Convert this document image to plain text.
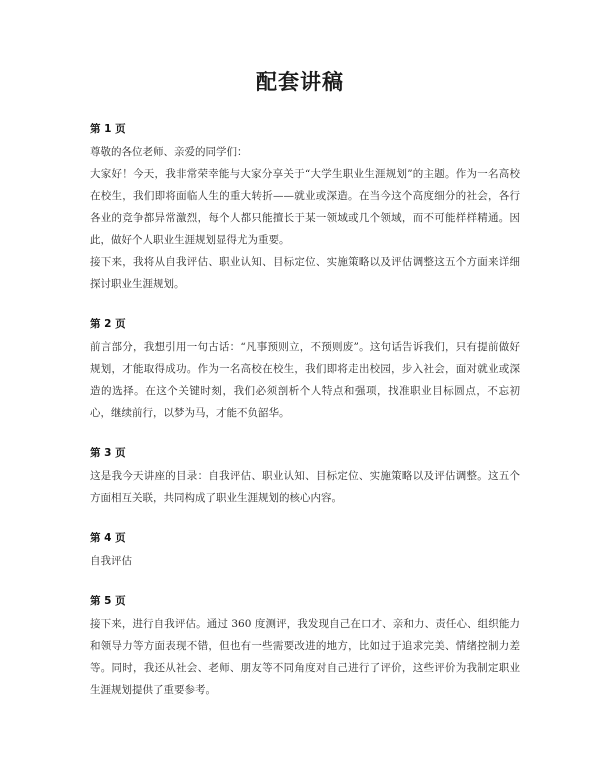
配套讲稿
第 1 页

尊敬的各位老师、亲爱的同学们：

大家好！今天，我非常荣幸能与大家分享关于“大学生职业生涯规划”的主题。作为一名高校在校生，我们即将面临人生的重大转折——就业或深造。在当今这个高度细分的社会，各行各业的竞争都异常激烈，每个人都只能擅长于某一领域或几个领域，而不可能样样精通。因此，做好个人职业生涯规划显得尤为重要。

接下来，我将从自我评估、职业认知、目标定位、实施策略以及评估调整这五个方面来详细探讨职业生涯规划。

第 2 页

前言部分，我想引用一句古话：“凡事预则立，不预则废”。这句话告诉我们，只有提前做好规划，才能取得成功。作为一名高校在校生，我们即将走出校园，步入社会，面对就业或深造的选择。在这个关键时刻，我们必须剖析个人特点和强项，找准职业目标圆点，不忘初心，继续前行，以梦为马，才能不负韶华。

第 3 页

这是我今天讲座的目录：自我评估、职业认知、目标定位、实施策略以及评估调整。这五个方面相互关联，共同构成了职业生涯规划的核心内容。

第 4 页

自我评估

第 5 页

接下来，进行自我评估。通过 360 度测评，我发现自己在口才、亲和力、责任心、组织能力和领导力等方面表现不错，但也有一些需要改进的地方，比如过于追求完美、情绪控制力差等。同时，我还从社会、老师、朋友等不同角度对自己进行了评价，这些评价为我制定职业生涯规划提供了重要参考。
